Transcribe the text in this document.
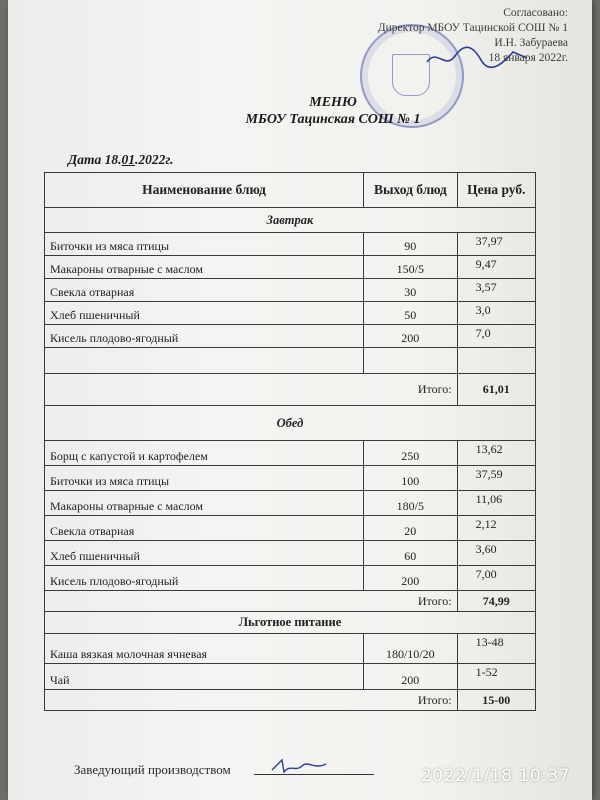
Согласовано:
Директор МБОУ Тацинской СОШ № 1
И.Н. Забураева
18 января 2022г.
МЕНЮ
МБОУ Тацинская СОШ № 1
Дата 18.01.2022г.
Наименование блюд	Выход блюд	Цена руб.
Завтрак		
Биточки из мяса птицы	90	37,97
Макароны отварные с маслом	150/5	9,47
Свекла отварная	30	3,57
Хлеб пшеничный	50	3,0
Кисель плодово-ягодный	200	7,0

Итого:		61,01
Обед		
Борщ с капустой и картофелем	250	13,62
Биточки из мяса птицы	100	37,59
Макароны отварные с маслом	180/5	11,06
Свекла отварная	20	2,12
Хлеб пшеничный	60	3,60
Кисель плодово-ягодный	200	7,00
Итого:		74,99
Льготное питание		
Каша вязкая молочная ячневая	180/10/20	13-48
Чай	200	1-52
Итого:		15-00
Заведующий производством	2022/1/18 10:37
